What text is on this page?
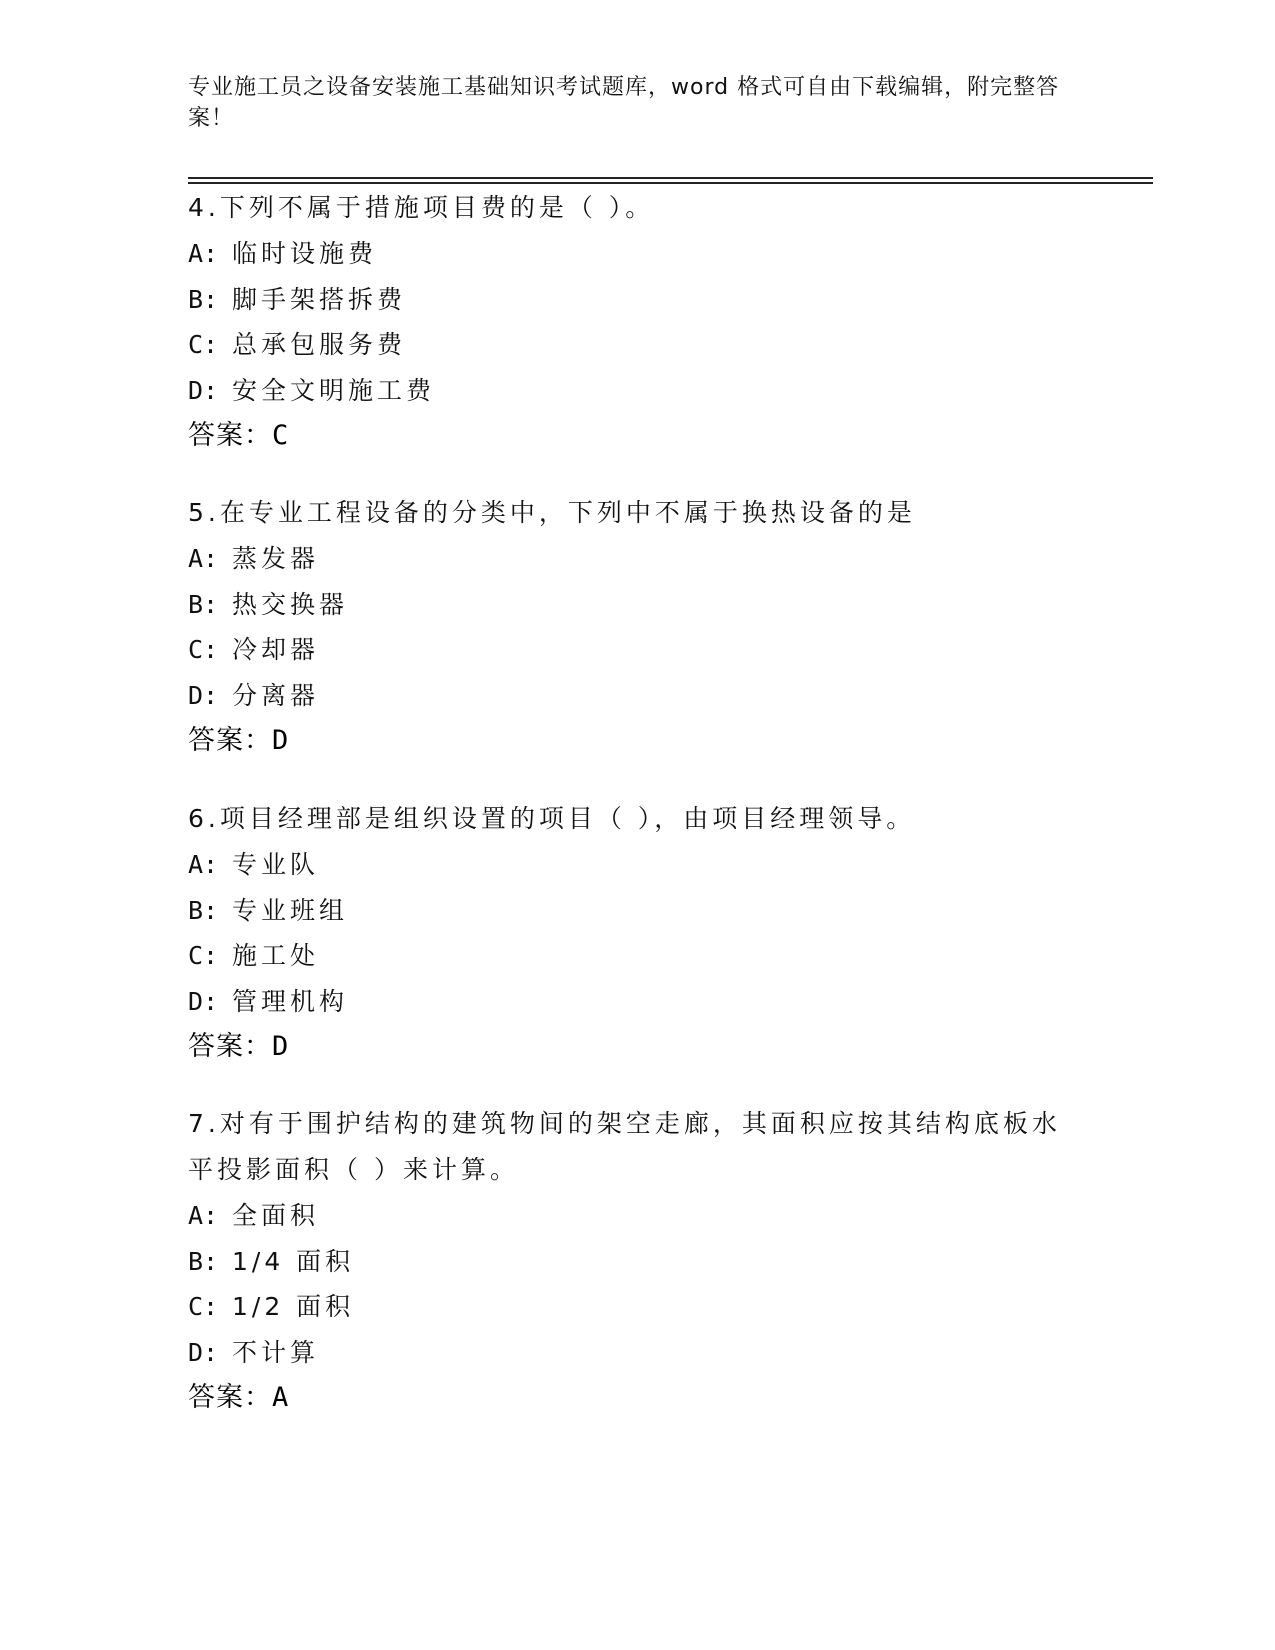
专业施工员之设备安装施工基础知识考试题库，word 格式可自由下载编辑，附完整答案！
4.下列不属于措施项目费的是（ ）。
A: 临时设施费
B: 脚手架搭拆费
C: 总承包服务费
D: 安全文明施工费
答案：C
5.在专业工程设备的分类中，下列中不属于换热设备的是
A: 蒸发器
B: 热交换器
C: 冷却器
D: 分离器
答案：D
6.项目经理部是组织设置的项目（ ），由项目经理领导。
A: 专业队
B: 专业班组
C: 施工处
D: 管理机构
答案：D
7.对有于围护结构的建筑物间的架空走廊，其面积应按其结构底板水
平投影面积（ ）来计算。
A: 全面积
B: 1/4 面积
C: 1/2 面积
D: 不计算
答案：A
